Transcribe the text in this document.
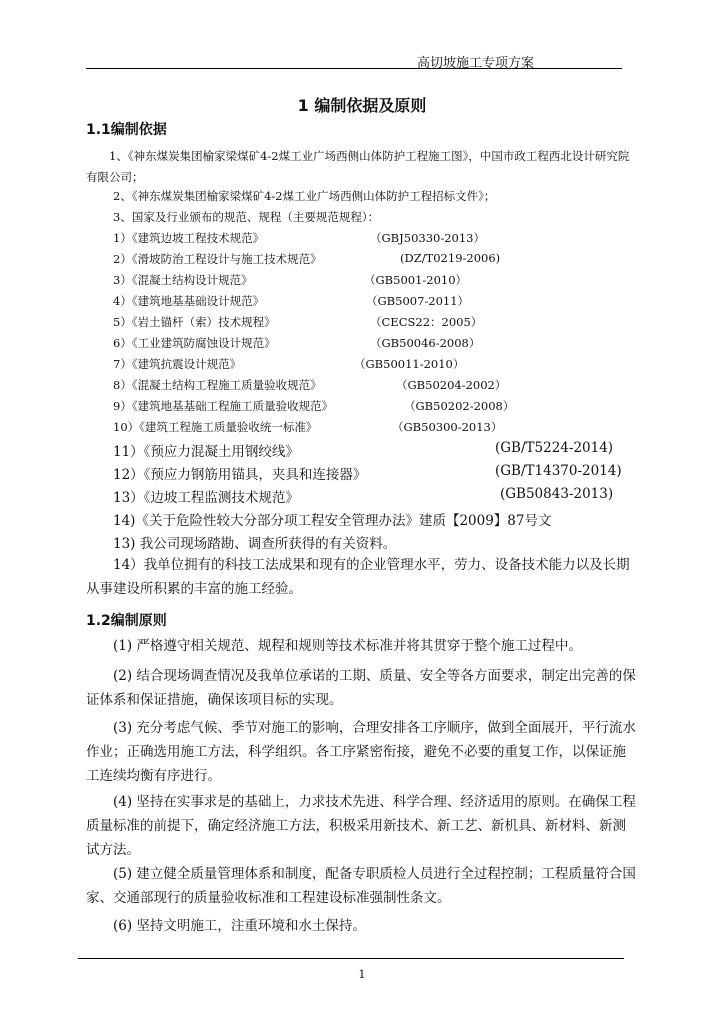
高切坡施工专项方案
1 编制依据及原则
1.1编制依据
1、《神东煤炭集团榆家梁煤矿4-2煤工业广场西侧山体防护工程施工图》，中国市政工程西北设计研究院有限公司；
2、《神东煤炭集团榆家梁煤矿4-2煤工业广场西侧山体防护工程招标文件》；
3、国家及行业颁布的规范、规程（主要规范规程）：
1）《建筑边坡工程技术规范》	（GBJ50330-2013）
2）《滑坡防治工程设计与施工技术规范》	(DZ/T0219-2006)
3）《混凝土结构设计规范》	（GB5001-2010）
4）《建筑地基基础设计规范》	（GB5007-2011）
5）《岩土锚杆（索）技术规程》	（CECS22：2005）
6）《工业建筑防腐蚀设计规范》	（GB50046-2008）
7）《建筑抗震设计规范》	（GB50011-2010）
8）《混凝土结构工程施工质量验收规范》	（GB50204-2002）
9）《建筑地基基础工程施工质量验收规范》	（GB50202-2008）
10）《建筑工程施工质量验收统一标准》	（GB50300-2013）
11）《预应力混凝土用钢绞线》	(GB/T5224-2014)
12）《预应力钢筋用锚具，夹具和连接器》	(GB/T14370-2014)
13）《边坡工程监测技术规范》	(GB50843-2013)
14)《关于危险性较大分部分项工程安全管理办法》建质【2009】87号文
13) 我公司现场踏勘、调查所获得的有关资料。
14）我单位拥有的科技工法成果和现有的企业管理水平，劳力、设备技术能力以及长期从事建设所积累的丰富的施工经验。
1.2编制原则
(1) 严格遵守相关规范、规程和规则等技术标准并将其贯穿于整个施工过程中。
(2) 结合现场调查情况及我单位承诺的工期、质量、安全等各方面要求，制定出完善的保证体系和保证措施，确保该项目标的实现。
(3) 充分考虑气候、季节对施工的影响，合理安排各工序顺序，做到全面展开，平行流水作业；正确选用施工方法，科学组织。各工序紧密衔接，避免不必要的重复工作，以保证施工连续均衡有序进行。
(4) 坚持在实事求是的基础上，力求技术先进、科学合理、经济适用的原则。在确保工程质量标准的前提下，确定经济施工方法，积极采用新技术、新工艺、新机具、新材料、新测试方法。
(5) 建立健全质量管理体系和制度，配备专职质检人员进行全过程控制；工程质量符合国家、交通部现行的质量验收标准和工程建设标准强制性条文。
(6) 坚持文明施工，注重环境和水土保持。
1
